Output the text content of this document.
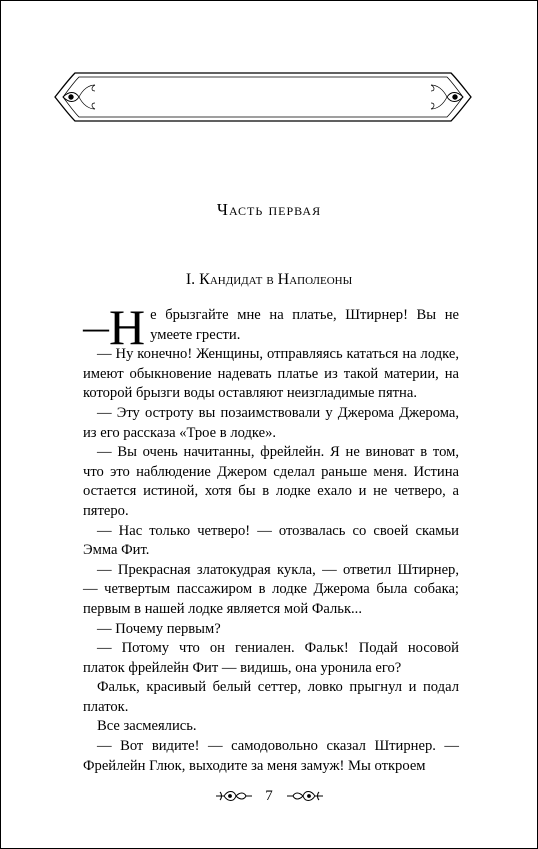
Часть первая
I. Кандидат в Наполеоны

—Н е брызгайте мне на платье, Штирнер! Вы не умеете грести.

— Ну конечно! Женщины, отправляясь кататься на лодке, имеют обыкновение надевать платье из такой материи, на которой брызги воды оставляют неизгладимые пятна.

— Эту остроту вы позаимствовали у Джерома Джерома, из его рассказа «Трое в лодке».

— Вы очень начитанны, фрейлейн. Я не виноват в том, что это наблюдение Джером сделал раньше меня. Истина остается истиной, хотя бы в лодке ехало и не четверо, а пятеро.

— Нас только четверо! — отозвалась со своей скамьи Эмма Фит.

— Прекрасная златокудрая кукла, — ответил Штирнер, — четвертым пассажиром в лодке Джерома была собака; первым в нашей лодке является мой Фальк...

— Почему первым?

— Потому что он гениален. Фальк! Подай носовой платок фрейлейн Фит — видишь, она уронила его?

Фальк, красивый белый сеттер, ловко прыгнул и подал платок.

Все засмеялись.

— Вот видите! — самодовольно сказал Штирнер. — Фрейлейн Глюк, выходите за меня замуж! Мы откроем

7
